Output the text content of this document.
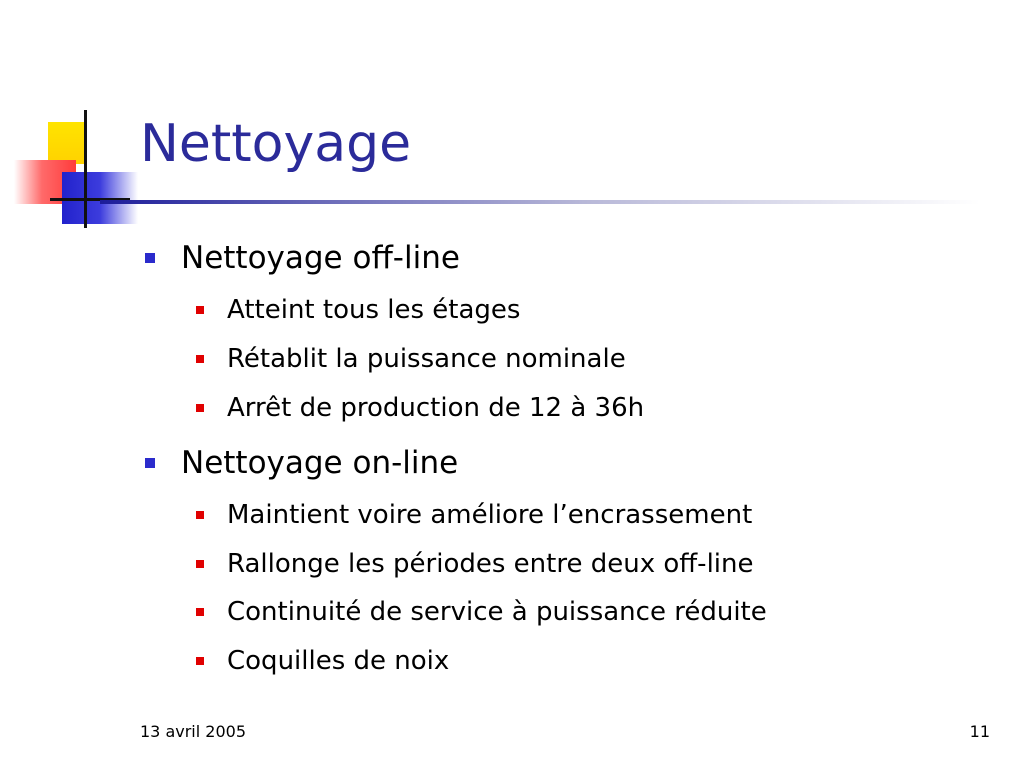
Nettoyage
Nettoyage off-line
Atteint tous les étages
Rétablit la puissance nominale
Arrêt de production de 12 à 36h
Nettoyage on-line
Maintient voire améliore l’encrassement
Rallonge les périodes entre deux off-line
Continuité de service à puissance réduite
Coquilles de noix
13 avril 2005	11
